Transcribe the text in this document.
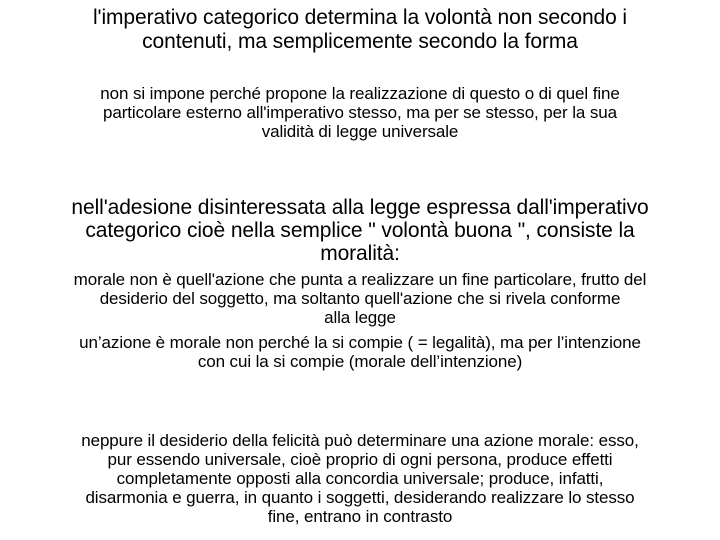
l'imperativo categorico determina la volontà non secondo i
contenuti, ma semplicemente secondo la forma
non si impone perché propone la realizzazione di questo o di quel fine
particolare esterno all'imperativo stesso, ma per se stesso, per la sua
validità di legge universale
nell'adesione disinteressata alla legge espressa dall'imperativo
categorico cioè nella semplice " volontà buona ", consiste la
moralità:
morale non è quell'azione che punta a realizzare un fine particolare, frutto del
desiderio del soggetto, ma soltanto quell'azione che si rivela conforme
alla legge
un’azione è morale non perché la si compie ( = legalità), ma per l’intenzione
con cui la si compie (morale dell’intenzione)
neppure il desiderio della felicità può determinare una azione morale: esso,
pur essendo universale, cioè proprio di ogni persona, produce effetti
completamente opposti alla concordia universale; produce, infatti,
disarmonia e guerra, in quanto i soggetti, desiderando realizzare lo stesso
fine, entrano in contrasto
